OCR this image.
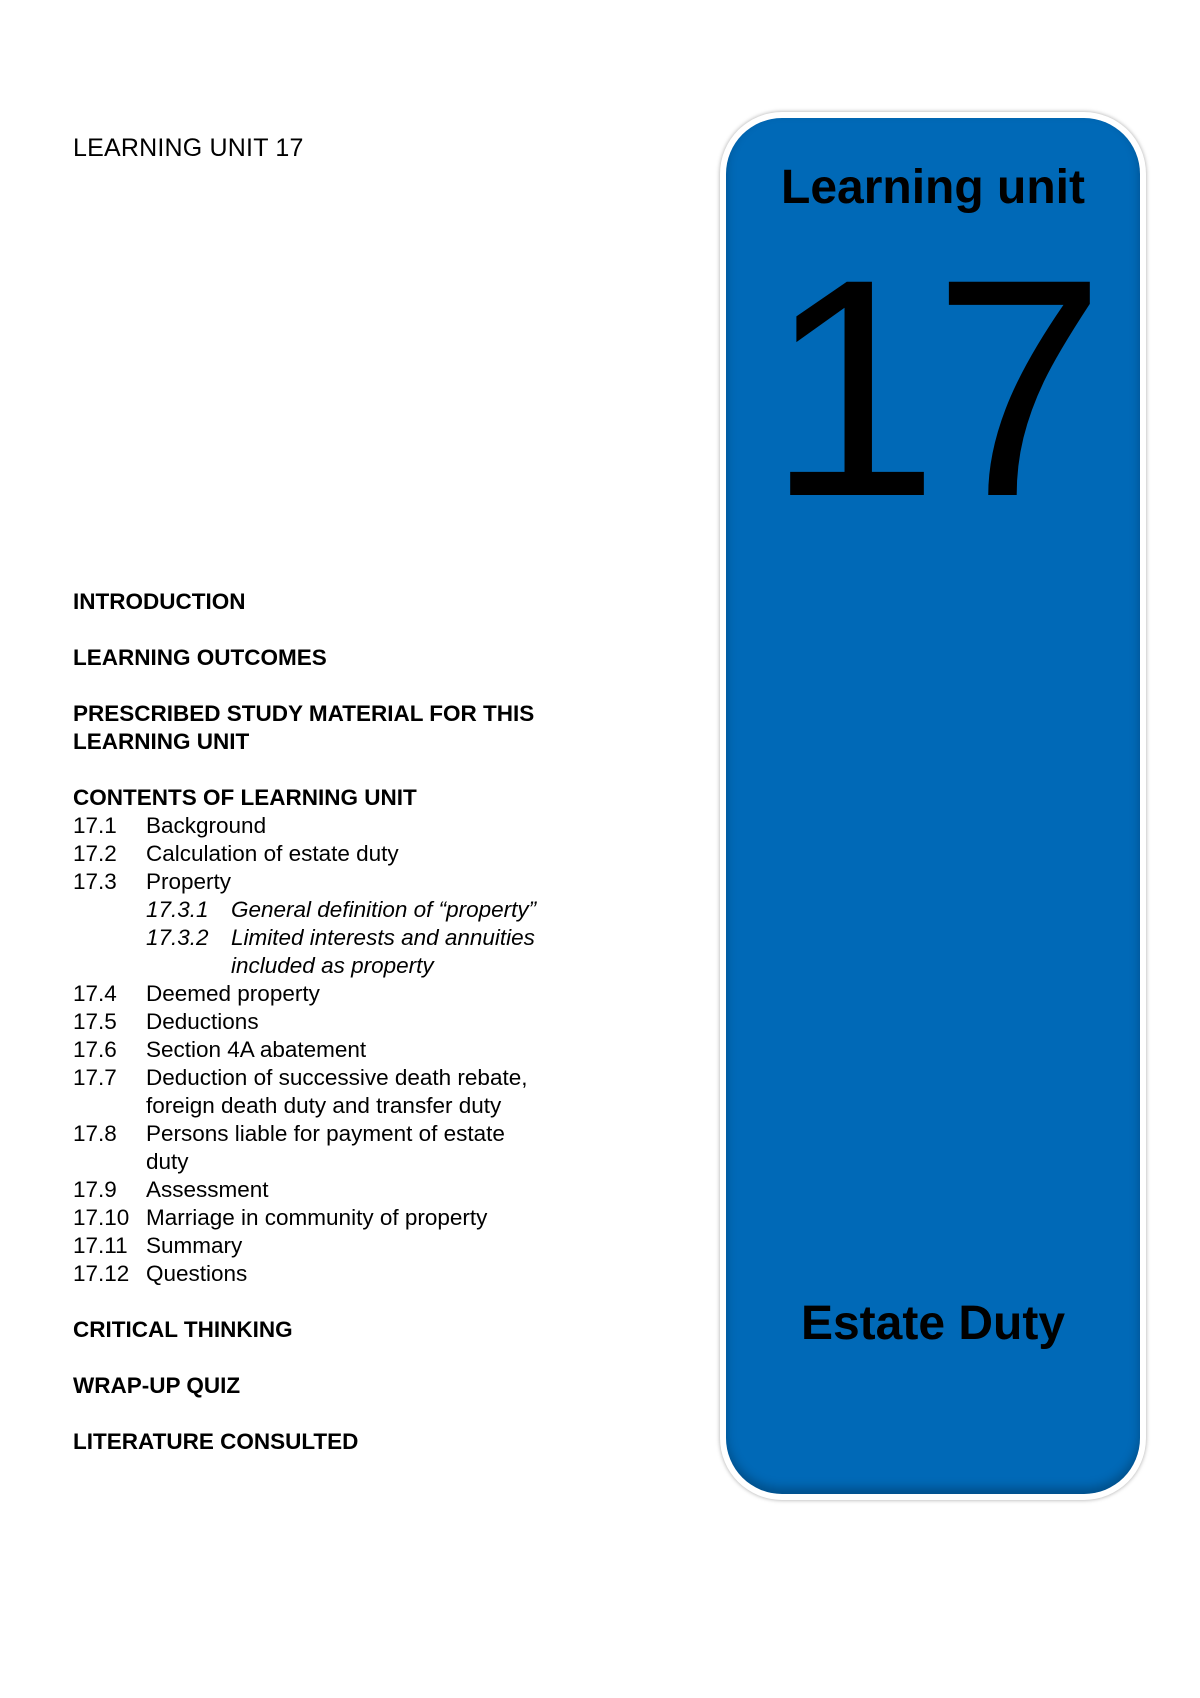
LEARNING UNIT 17

INTRODUCTION

LEARNING OUTCOMES

PRESCRIBED STUDY MATERIAL FOR THIS

LEARNING UNIT

CONTENTS OF LEARNING UNIT

17.1	Background
17.2	Calculation of estate duty
17.3	Property
17.3.1 General definition of “property”
17.3.2 Limited interests and annuities
included as property
17.4	Deemed property
17.5	Deductions
17.6	Section 4A abatement
17.7	Deduction of successive death rebate,
foreign death duty and transfer duty
17.8	Persons liable for payment of estate
duty
17.9	Assessment
17.10 Marriage in community of property
17.11 Summary
17.12 Questions

CRITICAL THINKING

WRAP-UP QUIZ

LITERATURE CONSULTED

Learning unit

17

Estate Duty
